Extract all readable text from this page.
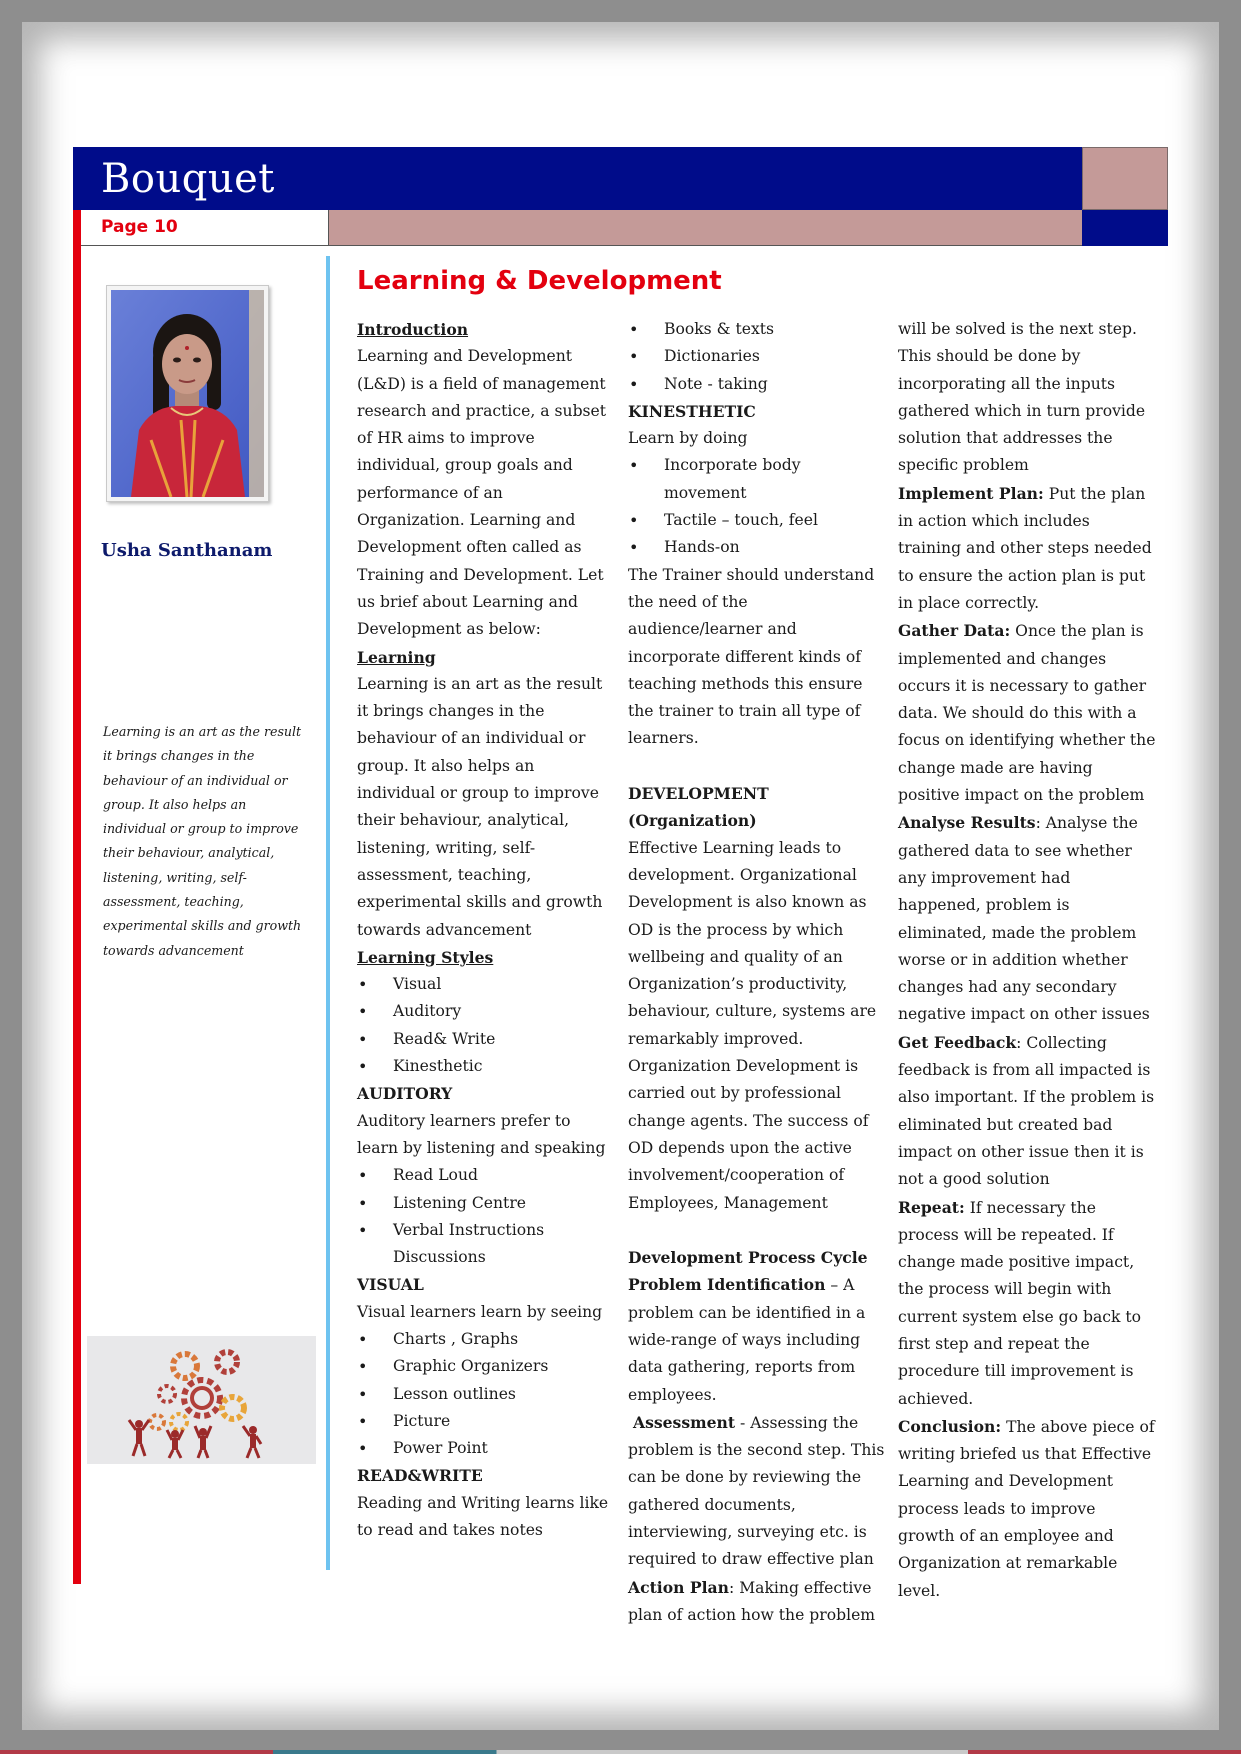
Bouquet
Page 10
Usha Santhanam
Learning is an art as the result it brings changes in the behaviour of an individual or group. It also helps an individual or group to improve their behaviour, analytical, listening, writing, self-assessment, teaching, experimental skills and growth towards advancement
Learning & Development

Introduction

Learning and Development (L&D) is a field of management research and practice, a subset of HR aims to improve individual, group goals and performance of an Organization. Learning and Development often called as Training and Development. Let us brief about Learning and Development as below:

Learning

Learning is an art as the result it brings changes in the behaviour of an individual or group. It also helps an individual or group to improve their behaviour, analytical, listening, writing, self-assessment, teaching, experimental skills and growth towards advancement

Learning Styles

• Visual
• Auditory
• Read& Write
• Kinesthetic

AUDITORY

Auditory learners prefer to learn by listening and speaking

• Read Loud
• Listening Centre
• Verbal Instructions Discussions

VISUAL

Visual learners learn by seeing

• Charts , Graphs
• Graphic Organizers
• Lesson outlines
• Picture
• Power Point

READ&WRITE

Reading and Writing learns like to read and takes notes

• Books & texts
• Dictionaries
• Note - taking

KINESTHETIC

Learn by doing

• Incorporate body movement
• Tactile – touch, feel
• Hands-on

The Trainer should understand the need of the audience/learner and incorporate different kinds of teaching methods this ensure the trainer to train all type of learners.

DEVELOPMENT (Organization)

Effective Learning leads to development. Organizational Development is also known as OD is the process by which wellbeing and quality of an Organization’s productivity, behaviour, culture, systems are remarkably improved. Organization Development is carried out by professional change agents. The success of OD depends upon the active involvement/cooperation of Employees, Management

Development Process Cycle

Problem Identification – A problem can be identified in a wide-range of ways including data gathering, reports from employees.

Assessment - Assessing the problem is the second step. This can be done by reviewing the gathered documents, interviewing, surveying etc. is required to draw effective plan

Action Plan: Making effective plan of action how the problem

will be solved is the next step. This should be done by incorporating all the inputs gathered which in turn provide solution that addresses the specific problem

Implement Plan: Put the plan in action which includes training and other steps needed to ensure the action plan is put in place correctly.

Gather Data: Once the plan is implemented and changes occurs it is necessary to gather data. We should do this with a focus on identifying whether the change made are having positive impact on the problem

Analyse Results: Analyse the gathered data to see whether any improvement had happened, problem is eliminated, made the problem worse or in addition whether changes had any secondary negative impact on other issues

Get Feedback: Collecting feedback is from all impacted is also important. If the problem is eliminated but created bad impact on other issue then it is not a good solution

Repeat: If necessary the process will be repeated. If change made positive impact, the process will begin with current system else go back to first step and repeat the procedure till improvement is achieved.

Conclusion: The above piece of writing briefed us that Effective Learning and Development process leads to improve growth of an employee and Organization at remarkable level.
